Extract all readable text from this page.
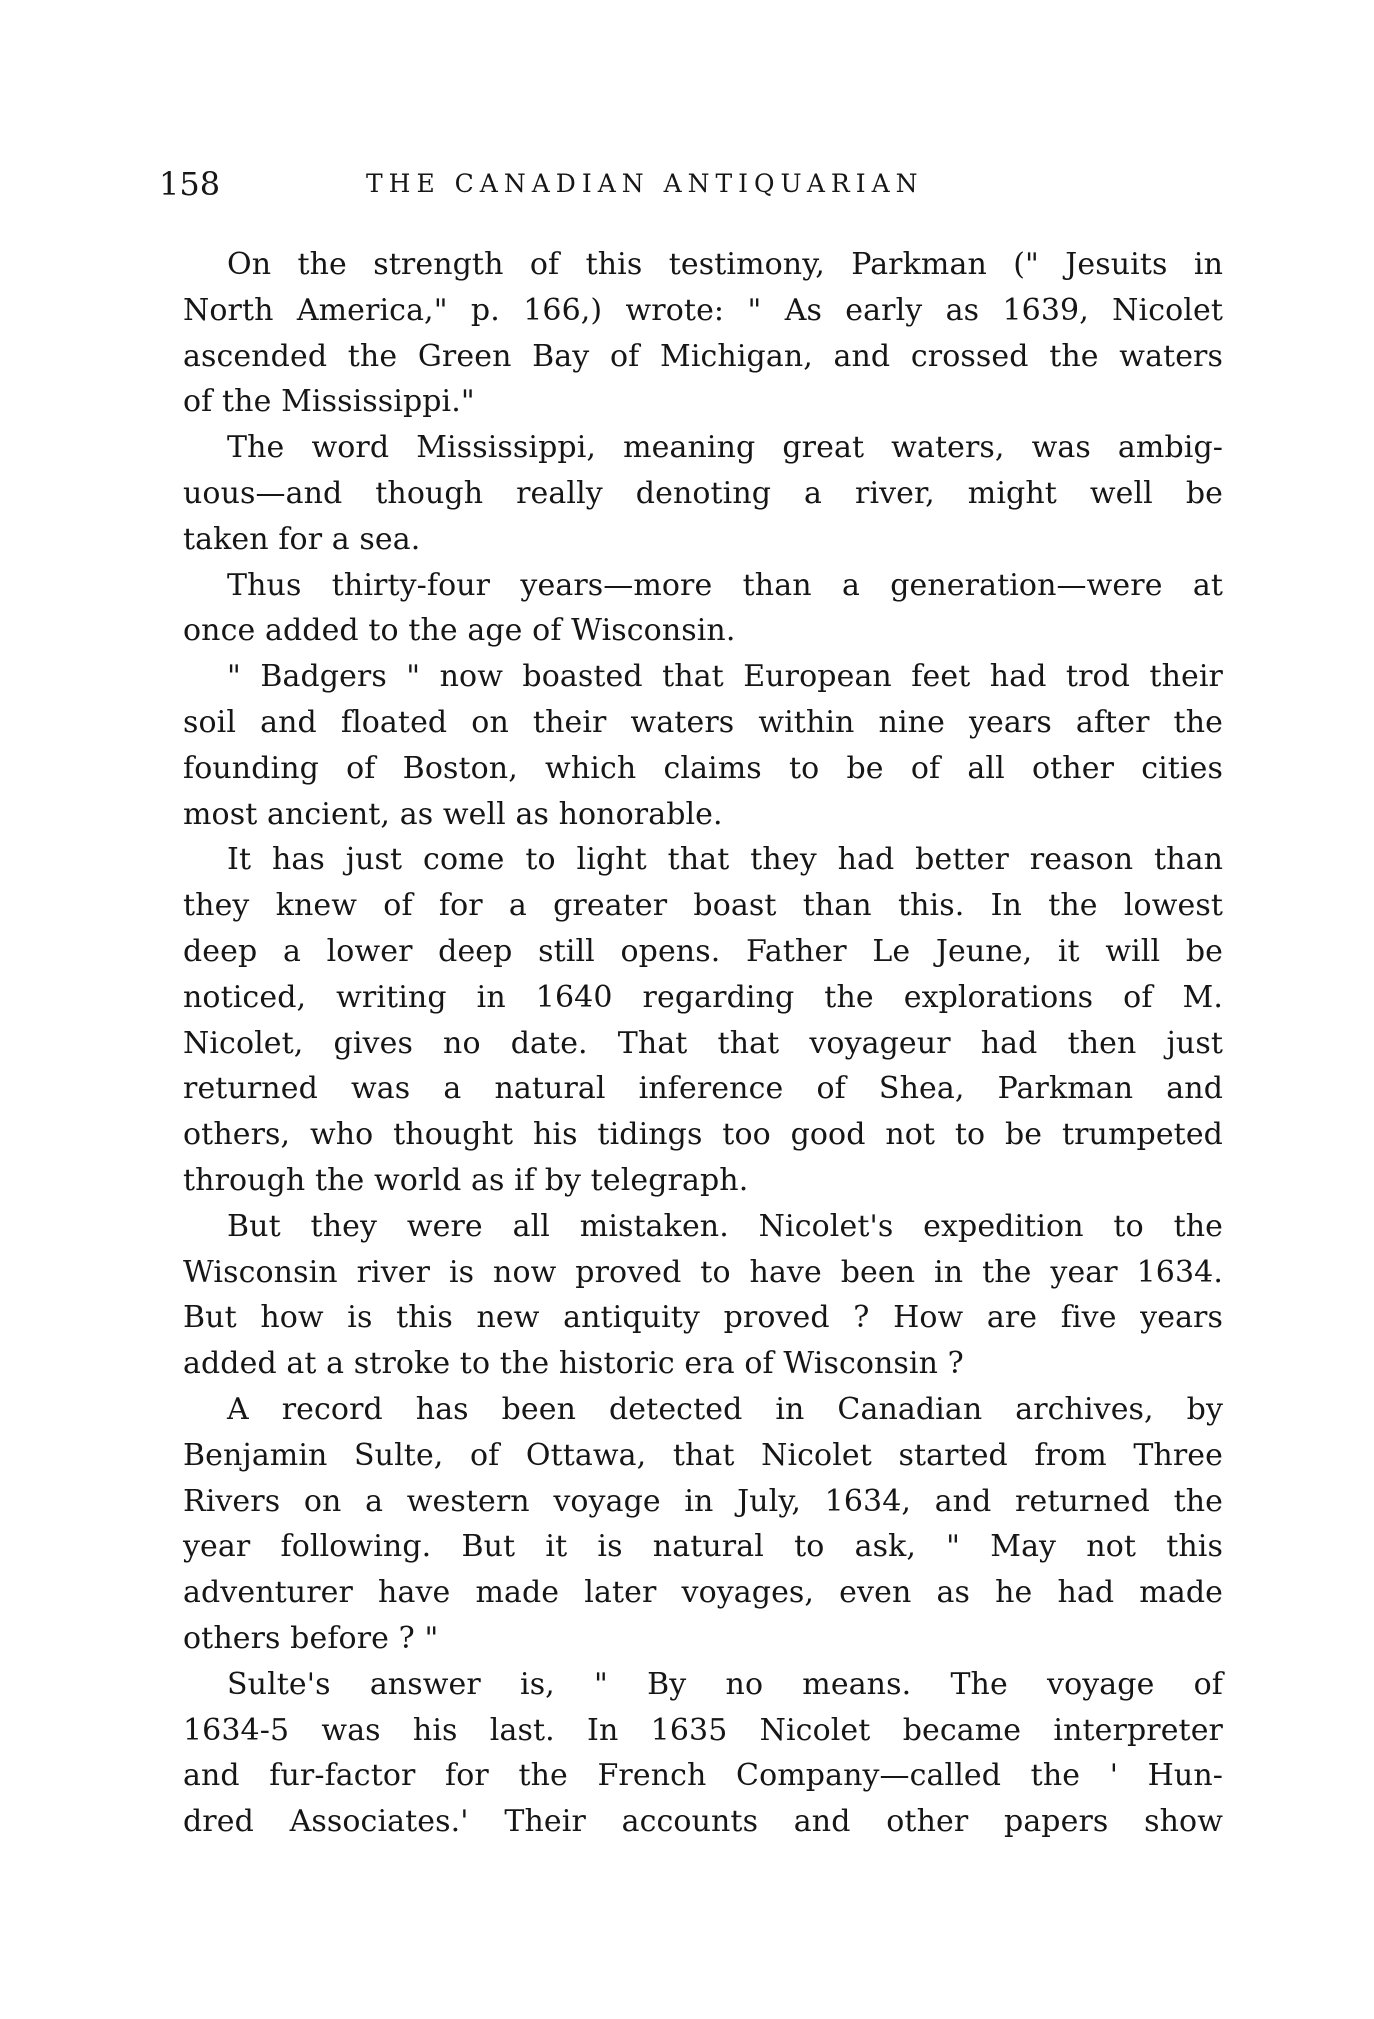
158	THE CANADIAN ANTIQUARIAN
On the strength of this testimony, Parkman (" Jesuits in
North America," p. 166,) wrote: " As early as 1639, Nicolet
ascended the Green Bay of Michigan, and crossed the waters
of the Mississippi."
The word Mississippi, meaning great waters, was ambig-
uous—and though really denoting a river, might well be
taken for a sea.
Thus thirty-four years—more than a generation—were at
once added to the age of Wisconsin.
" Badgers " now boasted that European feet had trod their
soil and floated on their waters within nine years after the
founding of Boston, which claims to be of all other cities
most ancient, as well as honorable.
It has just come to light that they had better reason than
they knew of for a greater boast than this. In the lowest
deep a lower deep still opens. Father Le Jeune, it will be
noticed, writing in 1640 regarding the explorations of M.
Nicolet, gives no date. That that voyageur had then just
returned was a natural inference of Shea, Parkman and
others, who thought his tidings too good not to be trumpeted
through the world as if by telegraph.
But they were all mistaken. Nicolet's expedition to the
Wisconsin river is now proved to have been in the year 1634.
But how is this new antiquity proved ? How are five years
added at a stroke to the historic era of Wisconsin ?
A record has been detected in Canadian archives, by
Benjamin Sulte, of Ottawa, that Nicolet started from Three
Rivers on a western voyage in July, 1634, and returned the
year following. But it is natural to ask, " May not this
adventurer have made later voyages, even as he had made
others before ? "
Sulte's answer is, " By no means. The voyage of
1634-5 was his last. In 1635 Nicolet became interpreter
and fur-factor for the French Company—called the ' Hun-
dred Associates.' Their accounts and other papers show
